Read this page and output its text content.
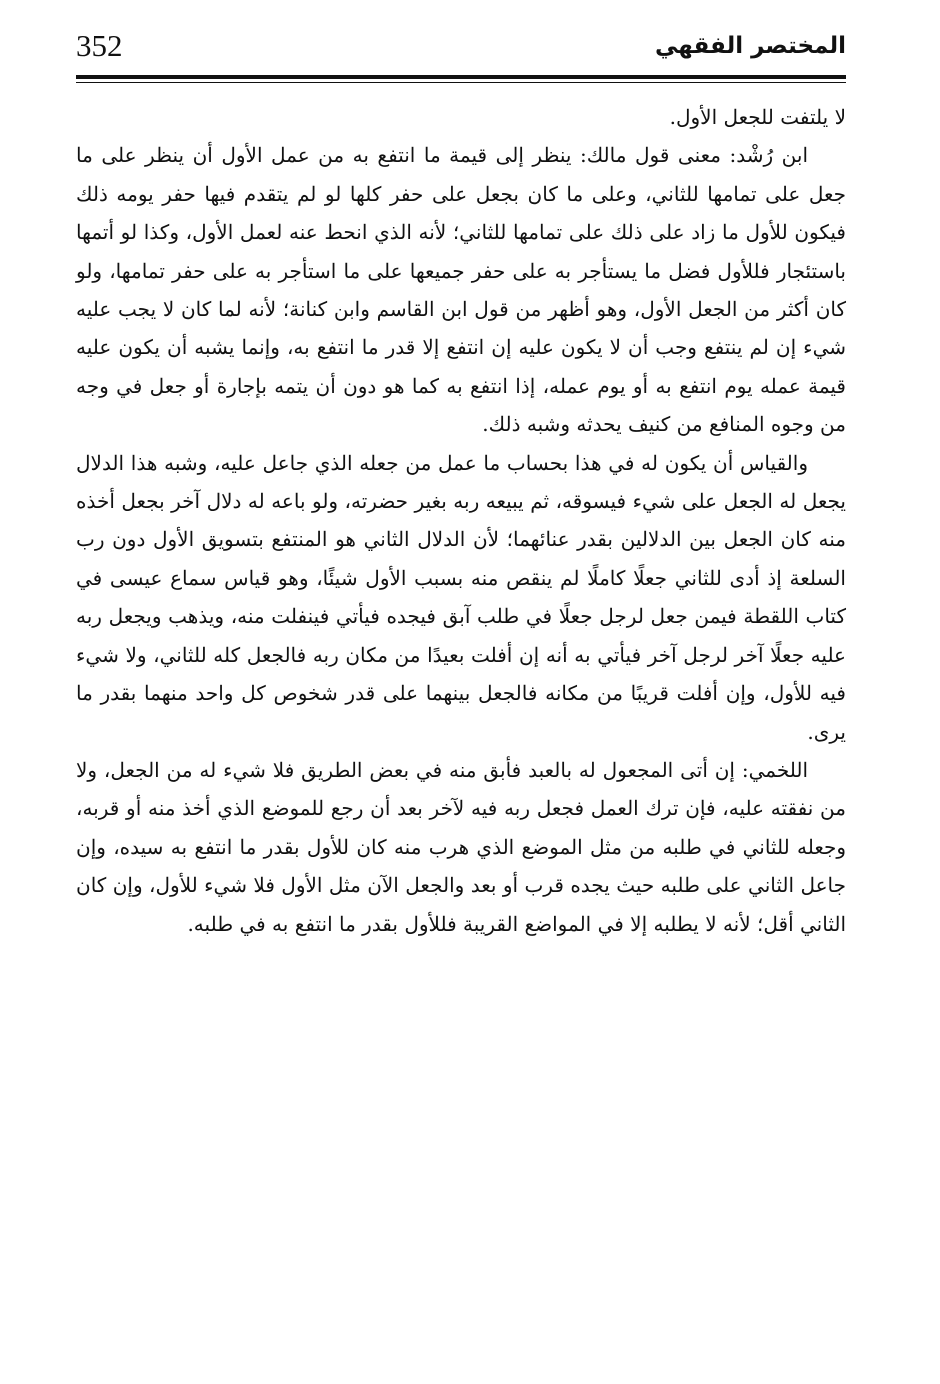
352	المختصر الفقهي

لا يلتفت للجعل الأول.

ابن رُشْد: معنى قول مالك: ينظر إلى قيمة ما انتفع به من عمل الأول أن ينظر على ما جعل على تمامها للثاني، وعلى ما كان بجعل على حفر كلها لو لم يتقدم فيها حفر يومه ذلك فيكون للأول ما زاد على ذلك على تمامها للثاني؛ لأنه الذي انحط عنه لعمل الأول، وكذا لو أتمها باستئجار فللأول فضل ما يستأجر به على حفر جميعها على ما استأجر به على حفر تمامها، ولو كان أكثر من الجعل الأول، وهو أظهر من قول ابن القاسم وابن كنانة؛ لأنه لما كان لا يجب عليه شيء إن لم ينتفع وجب أن لا يكون عليه إن انتفع إلا قدر ما انتفع به، وإنما يشبه أن يكون عليه قيمة عمله يوم انتفع به أو يوم عمله، إذا انتفع به كما هو دون أن يتمه بإجارة أو جعل في وجه من وجوه المنافع من كنيف يحدثه وشبه ذلك.

والقياس أن يكون له في هذا بحساب ما عمل من جعله الذي جاعل عليه، وشبه هذا الدلال يجعل له الجعل على شيء فيسوقه، ثم يبيعه ربه بغير حضرته، ولو باعه له دلال آخر بجعل أخذه منه كان الجعل بين الدلالين بقدر عنائهما؛ لأن الدلال الثاني هو المنتفع بتسويق الأول دون رب السلعة إذ أدى للثاني جعلًا كاملًا لم ينقص منه بسبب الأول شيئًا، وهو قياس سماع عيسى في كتاب اللقطة فيمن جعل لرجل جعلًا في طلب آبق فيجده فيأتي فينفلت منه، ويذهب ويجعل ربه عليه جعلًا آخر لرجل آخر فيأتي به أنه إن أفلت بعيدًا من مكان ربه فالجعل كله للثاني، ولا شيء فيه للأول، وإن أفلت قريبًا من مكانه فالجعل بينهما على قدر شخوص كل واحد منهما بقدر ما يرى.

اللخمي: إن أتى المجعول له بالعبد فأبق منه في بعض الطريق فلا شيء له من الجعل، ولا من نفقته عليه، فإن ترك العمل فجعل ربه فيه لآخر بعد أن رجع للموضع الذي أخذ منه أو قربه، وجعله للثاني في طلبه من مثل الموضع الذي هرب منه كان للأول بقدر ما انتفع به سيده، وإن جاعل الثاني على طلبه حيث يجده قرب أو بعد والجعل الآن مثل الأول فلا شيء للأول، وإن كان الثاني أقل؛ لأنه لا يطلبه إلا في المواضع القريبة فللأول بقدر ما انتفع به في طلبه.
